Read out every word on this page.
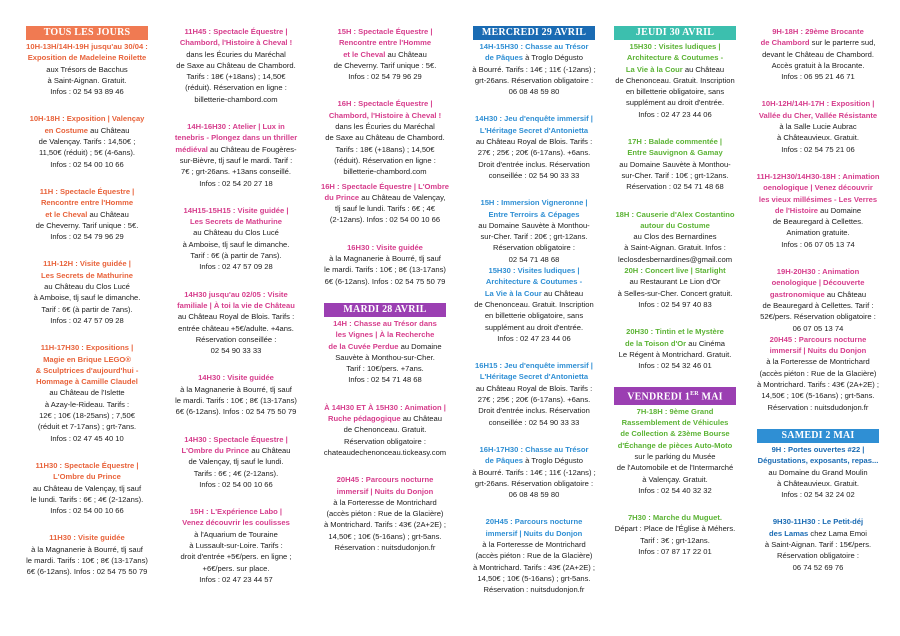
TOUS LES JOURS

10H-13H/14H-19H jusqu'au 30/04 :

Exposition de Madeleine Roilette

aux Trésors de Bacchus

à Saint-Aignan. Gratuit.

Infos : 02 54 93 89 46

10H-18H : Exposition | Valençay

en Costume au Château

de Valençay. Tarifs : 14,50€ ;

11,50€ (réduit) ; 5€ (4-6ans).

Infos : 02 54 00 10 66

11H : Spectacle Équestre |

Rencontre entre l'Homme

et le Cheval au Château

de Cheverny. Tarif unique : 5€.

Infos : 02 54 79 96 29

11H-12H : Visite guidée |

Les Secrets de Mathurine

au Château du Clos Lucé

à Amboise, tlj sauf le dimanche.

Tarif : 6€ (à partir de 7ans).

Infos : 02 47 57 09 28

11H-17H30 : Expositions |

Magie en Brique LEGO®

& Sculptrices d'aujourd'hui -

Hommage à Camille Claudel

au Château de l'Islette

à Azay-le-Rideau. Tarifs :

12€ ; 10€ (18-25ans) ; 7,50€

(réduit et 7-17ans) ; grt-7ans.

Infos : 02 47 45 40 10

11H30 : Spectacle Équestre |

L'Ombre du Prince

au Château de Valençay, tlj sauf

le lundi. Tarifs : 6€ ; 4€ (2-12ans).

Infos : 02 54 00 10 66

11H30 : Visite guidée

à la Magnanerie à Bourré, tlj sauf

le mardi. Tarifs : 10€ ; 8€ (13-17ans)

6€ (6-12ans). Infos : 02 54 75 50 79

11H45 : Spectacle Équestre |

Chambord, l'Histoire à Cheval !

dans les Écuries du Maréchal

de Saxe au Château de Chambord.

Tarifs : 18€ (+18ans) ; 14,50€

(réduit). Réservation en ligne :

billetterie-chambord.com

14H-16H30 : Atelier | Lux in

tenebris - Plongez dans un thriller

médiéval au Château de Fougères-

sur-Bièvre, tlj sauf le mardi. Tarif :

7€ ; grt-26ans. +13ans conseillé.

Infos : 02 54 20 27 18

14H15-15H15 : Visite guidée |

Les Secrets de Mathurine

au Château du Clos Lucé

à Amboise, tlj sauf le dimanche.

Tarif : 6€ (à partir de 7ans).

Infos : 02 47 57 09 28

14H30 jusqu'au 02/05 : Visite

familiale | À toi la vie de Château

au Château Royal de Blois. Tarifs :

entrée château +5€/adulte. +4ans.

Réservation conseillée :

02 54 90 33 33

14H30 : Visite guidée

à la Magnanerie à Bourré, tlj sauf

le mardi. Tarifs : 10€ ; 8€ (13-17ans)

6€ (6-12ans). Infos : 02 54 75 50 79

14H30 : Spectacle Équestre |

L'Ombre du Prince au Château

de Valençay, tlj sauf le lundi.

Tarifs : 6€ ; 4€ (2-12ans).

Infos : 02 54 00 10 66

15H : L'Expérience Labo |

Venez découvrir les coulisses

à l'Aquarium de Touraine

à Lussault-sur-Loire. Tarifs :

droit d'entrée +5€/pers. en ligne ;

+6€/pers. sur place.

Infos : 02 47 23 44 57

15H : Spectacle Équestre |

Rencontre entre l'Homme

et le Cheval au Château

de Cheverny. Tarif unique : 5€.

Infos : 02 54 79 96 29

16H : Spectacle Équestre |

Chambord, l'Histoire à Cheval !

dans les Écuries du Maréchal

de Saxe au Château de Chambord.

Tarifs : 18€ (+18ans) ; 14,50€

(réduit). Réservation en ligne :

billetterie-chambord.com

16H : Spectacle Équestre | L'Ombre

du Prince au Château de Valençay,

tlj sauf le lundi. Tarifs : 6€ ; 4€

(2-12ans). Infos : 02 54 00 10 66

16H30 : Visite guidée

à la Magnanerie à Bourré, tlj sauf

le mardi. Tarifs : 10€ ; 8€ (13-17ans)

6€ (6-12ans). Infos : 02 54 75 50 79

MARDI 28 AVRIL

14H : Chasse au Trésor dans

les Vignes | À la Recherche

de la Cuvée Perdue au Domaine

Sauvète à Monthou-sur-Cher.

Tarif : 10€/pers. +7ans.

Infos : 02 54 71 48 68

À 14H30 ET À 15H30 : Animation |

Ruche pédagogique au Château

de Chenonceau. Gratuit.

Réservation obligatoire :

chateaudechenonceau.tickeasy.com

20H45 : Parcours nocturne

immersif | Nuits du Donjon

à la Forteresse de Montrichard

(accès piéton : Rue de la Glacière)

à Montrichard. Tarifs : 43€ (2A+2E) ;

14,50€ ; 10€ (5-16ans) ; grt-5ans.

Réservation : nuitsdudonjon.fr

MERCREDI 29 AVRIL

14H-15H30 : Chasse au Trésor

de Pâques à Troglo Dégusto

à Bourré. Tarifs : 14€ ; 11€ (-12ans) ;

grt-26ans. Réservation obligatoire :

06 08 48 59 80

14H30 : Jeu d'enquête immersif |

L'Héritage Secret d'Antonietta

au Château Royal de Blois. Tarifs :

27€ ; 25€ ; 20€ (6-17ans). +6ans.

Droit d'entrée inclus. Réservation

conseillée : 02 54 90 33 33

15H : Immersion Vigneronne |

Entre Terroirs & Cépages

au Domaine Sauvète à Monthou-

sur-Cher. Tarif : 20€ ; grt-12ans.

Réservation obligatoire :

02 54 71 48 68

15H30 : Visites ludiques |

Architecture & Coutumes -

La Vie à la Cour au Château

de Chenonceau. Gratuit. Inscription

en billetterie obligatoire, sans

supplément au droit d'entrée.

Infos : 02 47 23 44 06

16H15 : Jeu d'enquête immersif |

L'Héritage Secret d'Antonietta

au Château Royal de Blois. Tarifs :

27€ ; 25€ ; 20€ (6-17ans). +6ans.

Droit d'entrée inclus. Réservation

conseillée : 02 54 90 33 33

16H-17H30 : Chasse au Trésor

de Pâques à Troglo Dégusto

à Bourré. Tarifs : 14€ ; 11€ (-12ans) ;

grt-26ans. Réservation obligatoire :

06 08 48 59 80

20H45 : Parcours nocturne

immersif | Nuits du Donjon

à la Forteresse de Montrichard

(accès piéton : Rue de la Glacière)

à Montrichard. Tarifs : 43€ (2A+2E) ;

14,50€ ; 10€ (5-16ans) ; grt-5ans.

Réservation : nuitsdudonjon.fr

JEUDI 30 AVRIL

15H30 : Visites ludiques |

Architecture & Coutumes -

La Vie à la Cour au Château

de Chenonceau. Gratuit. Inscription

en billetterie obligatoire, sans

supplément au droit d'entrée.

Infos : 02 47 23 44 06

17H : Balade commentée |

Entre Sauvignon & Gamay

au Domaine Sauvète à Monthou-

sur-Cher. Tarif : 10€ ; grt-12ans.

Réservation : 02 54 71 48 68

18H : Causerie d'Alex Costantino

autour du Costume

au Clos des Bernardines

à Saint-Aignan. Gratuit. Infos :

leclosdesbernardines@gmail.com

20H : Concert live | Starlight

au Restaurant Le Lion d'Or

à Selles-sur-Cher. Concert gratuit.

Infos : 02 54 97 40 83

20H30 : Tintin et le Mystère

de la Toison d'Or au Cinéma

Le Régent à Montrichard. Gratuit.

Infos : 02 54 32 46 01

VENDREDI 1ER MAI

7H-18H : 9ème Grand

Rassemblement de Véhicules

de Collection & 23ème Bourse

d'Échange de pièces Auto-Moto

sur le parking du Musée

de l'Automobile et de l'Intermarché

à Valençay. Gratuit.

Infos : 02 54 40 32 32

7H30 : Marche du Muguet.

Départ : Place de l'Église à Méhers.

Tarif : 3€ ; grt-12ans.

Infos : 07 87 17 22 01

9H-18H : 29ème Brocante

de Chambord sur le parterre sud,

devant le Château de Chambord.

Accès gratuit à la Brocante.

Infos : 06 95 21 46 71

10H-12H/14H-17H : Exposition |

Vallée du Cher, Vallée Résistante

à la Salle Lucie Aubrac

à Châteauvieux. Gratuit.

Infos : 02 54 75 21 06

11H-12H30/14H30-18H : Animation

oenologique | Venez découvrir

les vieux millésimes - Les Verres

de l'Histoire au Domaine

de Beauregard à Cellettes.

Animation gratuite.

Infos : 06 07 05 13 74

19H-20H30 : Animation

oenologique | Découverte

gastronomique au Château

de Beauregard à Cellettes. Tarif :

52€/pers. Réservation obligatoire :

06 07 05 13 74

20H45 : Parcours nocturne

immersif | Nuits du Donjon

à la Forteresse de Montrichard

(accès piéton : Rue de la Glacière)

à Montrichard. Tarifs : 43€ (2A+2E) ;

14,50€ ; 10€ (5-16ans) ; grt-5ans.

Réservation : nuitsdudonjon.fr

SAMEDI 2 MAI

9H : Portes ouvertes #22 |

Dégustations, exposants, repas...

au Domaine du Grand Moulin

à Châteauvieux. Gratuit.

Infos : 02 54 32 24 02

9H30-11H30 : Le Petit-déj

des Lamas chez Lama Emoi

à Saint-Aignan. Tarif : 15€/pers.

Réservation obligatoire :

06 74 52 69 76
